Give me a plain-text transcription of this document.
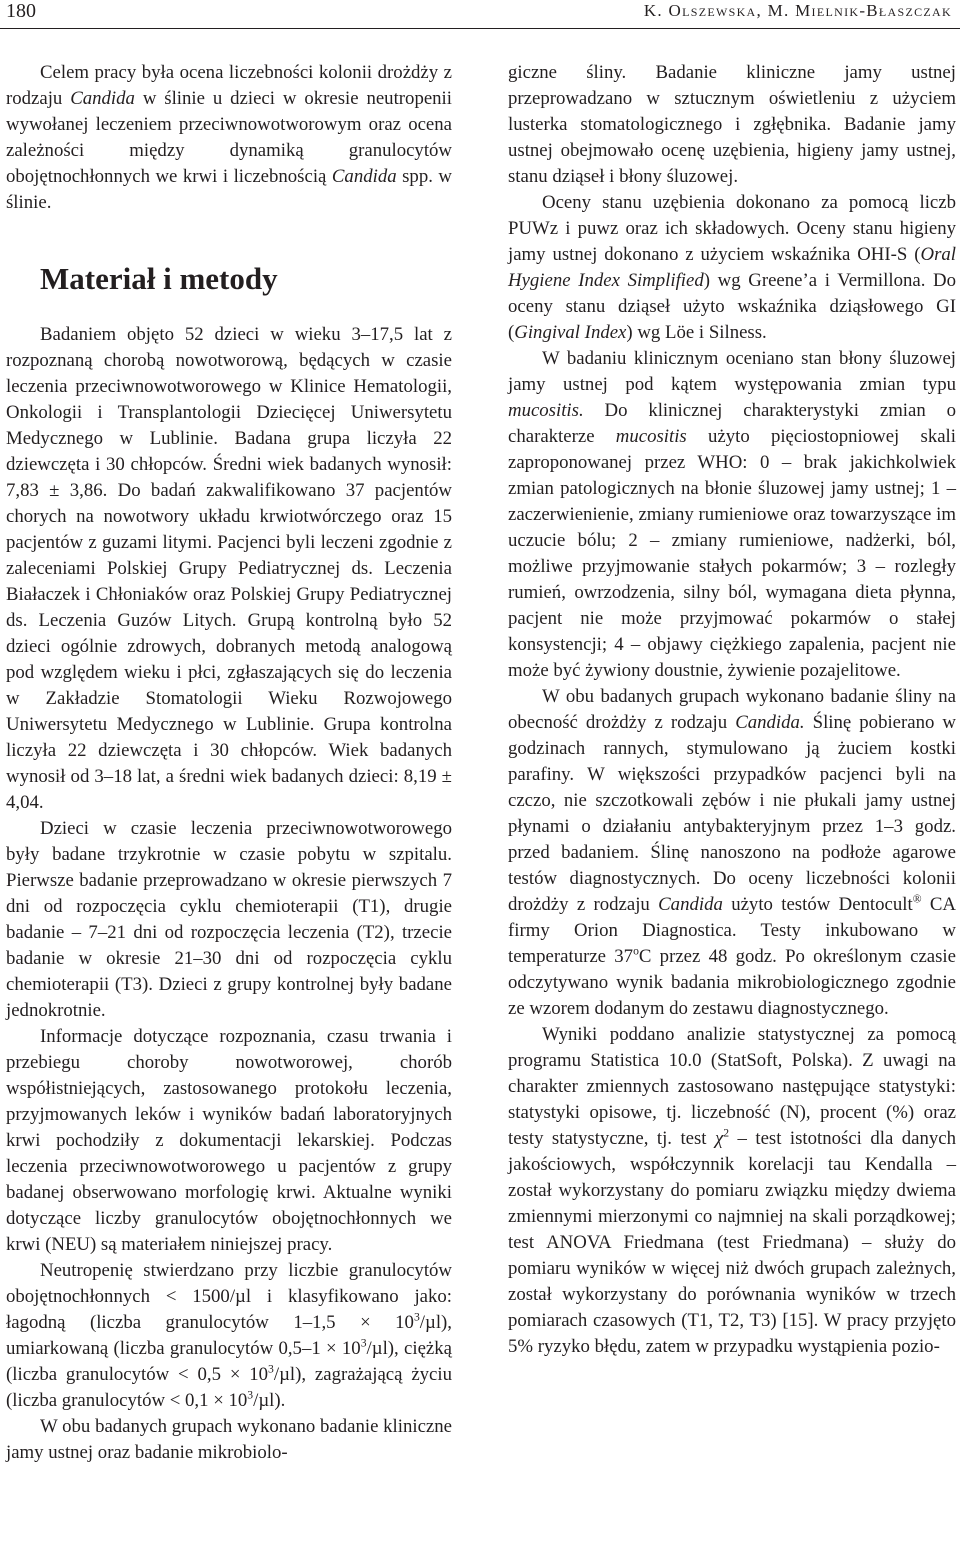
180	K. Olszewska, M. Mielnik-Błaszczak

Celem pracy była ocena liczebności kolonii drożdży z rodzaju Candida w ślinie u dzieci w okresie neutropenii wywołanej leczeniem przeciwnowotworowym oraz ocena zależności między dynamiką granulocytów obojętnochłonnych we krwi i liczebnością Candida spp. w ślinie.

Materiał i metody

Badaniem objęto 52 dzieci w wieku 3–17,5 lat z rozpoznaną chorobą nowotworową, będących w czasie leczenia przeciwnowotworowego w Klinice Hematologii, Onkologii i Transplantologii Dziecięcej Uniwersytetu Medycznego w Lublinie. Badana grupa liczyła 22 dziewczęta i 30 chłopców. Średni wiek badanych wynosił: 7,83 ± 3,86. Do badań zakwalifikowano 37 pacjentów chorych na nowotwory układu krwiotwórczego oraz 15 pacjentów z guzami litymi. Pacjenci byli leczeni zgodnie z zaleceniami Polskiej Grupy Pediatrycznej ds. Leczenia Białaczek i Chłoniaków oraz Polskiej Grupy Pediatrycznej ds. Leczenia Guzów Litych. Grupą kontrolną było 52 dzieci ogólnie zdrowych, dobranych metodą analogową pod względem wieku i płci, zgłaszających się do leczenia w Zakładzie Stomatologii Wieku Rozwojowego Uniwersytetu Medycznego w Lublinie. Grupa kontrolna liczyła 22 dziewczęta i 30 chłopców. Wiek badanych wynosił od 3–18 lat, a średni wiek badanych dzieci: 8,19 ± 4,04.

Dzieci w czasie leczenia przeciwnowotworowego były badane trzykrotnie w czasie pobytu w szpitalu. Pierwsze badanie przeprowadzano w okresie pierwszych 7 dni od rozpoczęcia cyklu chemioterapii (T1), drugie badanie – 7–21 dni od rozpoczęcia leczenia (T2), trzecie badanie w okresie 21–30 dni od rozpoczęcia cyklu chemioterapii (T3). Dzieci z grupy kontrolnej były badane jednokrotnie.

Informacje dotyczące rozpoznania, czasu trwania i przebiegu choroby nowotworowej, chorób współistniejących, zastosowanego protokołu leczenia, przyjmowanych leków i wyników badań laboratoryjnych krwi pochodziły z dokumentacji lekarskiej. Podczas leczenia przeciwnowotworowego u pacjentów z grupy badanej obserwowano morfologię krwi. Aktualne wyniki dotyczące liczby granulocytów obojętnochłonnych we krwi (NEU) są materiałem niniejszej pracy.

Neutropenię stwierdzano przy liczbie granulocytów obojętnochłonnych < 1500/µl i klasyfikowano jako: łagodną (liczba granulocytów $1-1,5 \times 10^3/\mu l$), umiarkowaną (liczba granulocytów $0,5-1 \times 10^3/\mu l$), ciężką (liczba granulocytów < $0,5 \times 10^3/\mu l$), zagrażającą życiu (liczba granulocytów < $0,1 \times 10^3/\mu l$).

W obu badanych grupach wykonano badanie kliniczne jamy ustnej oraz badanie mikrobiolo-

giczne śliny. Badanie kliniczne jamy ustnej przeprowadzano w sztucznym oświetleniu z użyciem lusterka stomatologicznego i zgłębnika. Badanie jamy ustnej obejmowało ocenę uzębienia, higieny jamy ustnej, stanu dziąseł i błony śluzowej.

Oceny stanu uzębienia dokonano za pomocą liczb PUWz i puwz oraz ich składowych. Oceny stanu higieny jamy ustnej dokonano z użyciem wskaźnika OHI-S (Oral Hygiene Index Simplified) wg Greene’a i Vermillona. Do oceny stanu dziąseł użyto wskaźnika dziąsłowego GI (Gingival Index) wg Löe i Silness.

W badaniu klinicznym oceniano stan błony śluzowej jamy ustnej pod kątem występowania zmian typu mucositis. Do klinicznej charakterystyki zmian o charakterze mucositis użyto pięciostopniowej skali zaproponowanej przez WHO: 0 – brak jakichkolwiek zmian patologicznych na błonie śluzowej jamy ustnej; 1 – zaczerwienienie, zmiany rumieniowe oraz towarzyszące im uczucie bólu; 2 – zmiany rumieniowe, nadżerki, ból, możliwe przyjmowanie stałych pokarmów; 3 – rozległy rumień, owrzodzenia, silny ból, wymagana dieta płynna, pacjent nie może przyjmować pokarmów o stałej konsystencji; 4 – objawy ciężkiego zapalenia, pacjent nie może być żywiony doustnie, żywienie pozajelitowe.

W obu badanych grupach wykonano badanie śliny na obecność drożdży z rodzaju Candida. Ślinę pobierano w godzinach rannych, stymulowano ją żuciem kostki parafiny. W większości przypadków pacjenci byli na czczo, nie szczotkowali zębów i nie płukali jamy ustnej płynami o działaniu antybakteryjnym przez 1–3 godz. przed badaniem. Ślinę nanoszono na podłoże agarowe testów diagnostycznych. Do oceny liczebności kolonii drożdży z rodzaju Candida użyto testów Dentocult® CA firmy Orion Diagnostica. Testy inkubowano w temperaturze 37$^o$C przez 48 godz. Po określonym czasie odczytywano wynik badania mikrobiologicznego zgodnie ze wzorem dodanym do zestawu diagnostycznego.

Wyniki poddano analizie statystycznej za pomocą programu Statistica 10.0 (StatSoft, Polska). Z uwagi na charakter zmiennych zastosowano następujące statystyki: statystyki opisowe, tj. liczebność (N), procent (%) oraz testy statystyczne, tj. test $\chi^2$ – test istotności dla danych jakościowych, współczynnik korelacji tau Kendalla – został wykorzystany do pomiaru związku między dwiema zmiennymi mierzonymi co najmniej na skali porządkowej; test ANOVA Friedmana (test Friedmana) – służy do pomiaru wyników w więcej niż dwóch grupach zależnych, został wykorzystany do porównania wyników w trzech pomiarach czasowych (T1, T2, T3) [15]. W pracy przyjęto 5% ryzyko błędu, zatem w przypadku wystąpienia pozio-
